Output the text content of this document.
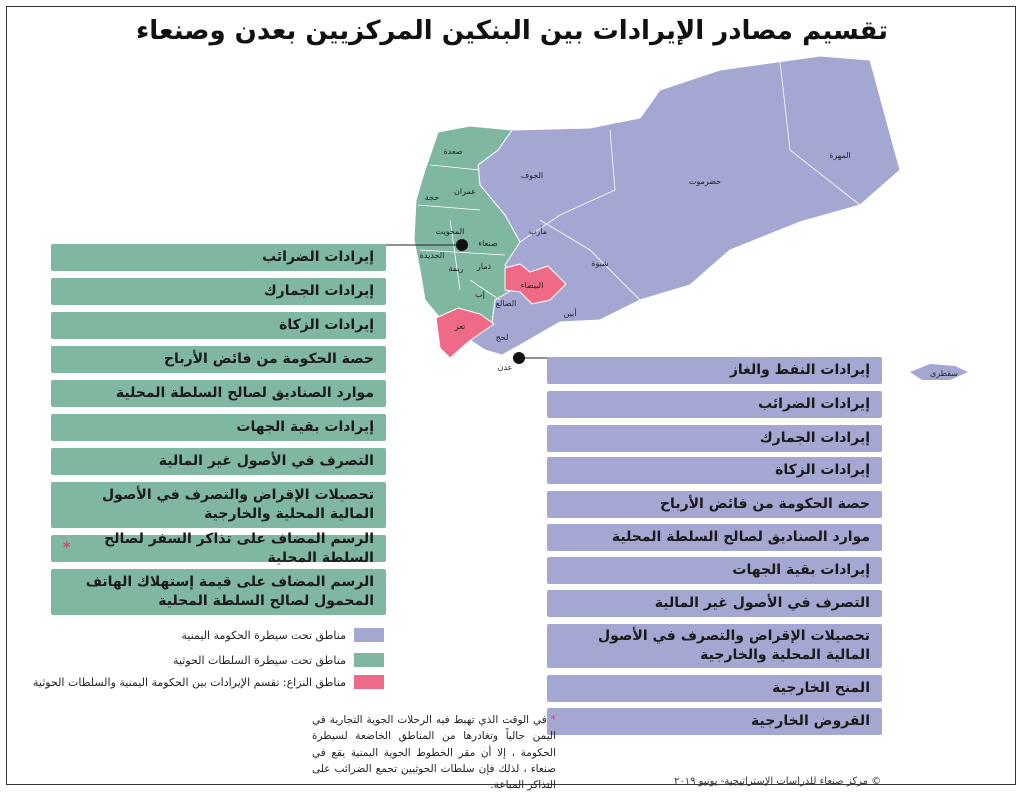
تقسيم مصادر الإيرادات بين البنكين المركزيين بعدن وصنعاء
صعدة
الجوف
عمران
حجة
المحويت
صنعاء
مأرب
حضرموت
المهرة
الحديدة
ريمة ذمار
البيضاء
شبوة
إب
الضالع
تعز
لحج
أبين
عدن
سقطرى
إيرادات الضرائب
إيرادات الجمارك
إيرادات الزكاة
حصة الحكومة من فائض الأرباح
موارد الصناديق لصالح السلطة المحلية
إيرادات بقية الجهات
التصرف في الأصول غير المالية
تحصيلات الإقراض والتصرف في الأصول المالية المحلية والخارجية
الرسم المضاف على تذاكر السفر لصالح السلطة المحلية
*
الرسم المضاف على قيمة إستهلاك الهاتف المحمول لصالح السلطة المحلية
إيرادات النفط والغاز
إيرادات الضرائب
إيرادات الجمارك
إيرادات الزكاة
حصة الحكومة من فائض الأرباح
موارد الصناديق لصالح السلطة المحلية
إيرادات بقية الجهات
التصرف في الأصول غير المالية
تحصيلات الإقراض والتصرف في الأصول المالية المحلية والخارجية
المنح الخارجية
القروض الخارجية
مناطق تحت سيطرة الحكومة اليمنية
مناطق تحت سيطرة السلطات الحوثية
مناطق النزاع: تقسم الإيرادات بين الحكومة اليمنية والسلطات الحوثية
* في الوقت الذي تهبط فيه الرحلات الجوية التجارية في اليمن حالياً وتغادرها من المناطق الخاضعة لسيطرة الحكومة ، إلا أن مقر الخطوط الجوية اليمنية يقع في صنعاء ، لذلك فإن سلطات الحوثيين تجمع الضرائب على التذاكر المباعة.	© مركز صنعاء للدراسات الإستراتيجية- يونيو ٢٠١٩
